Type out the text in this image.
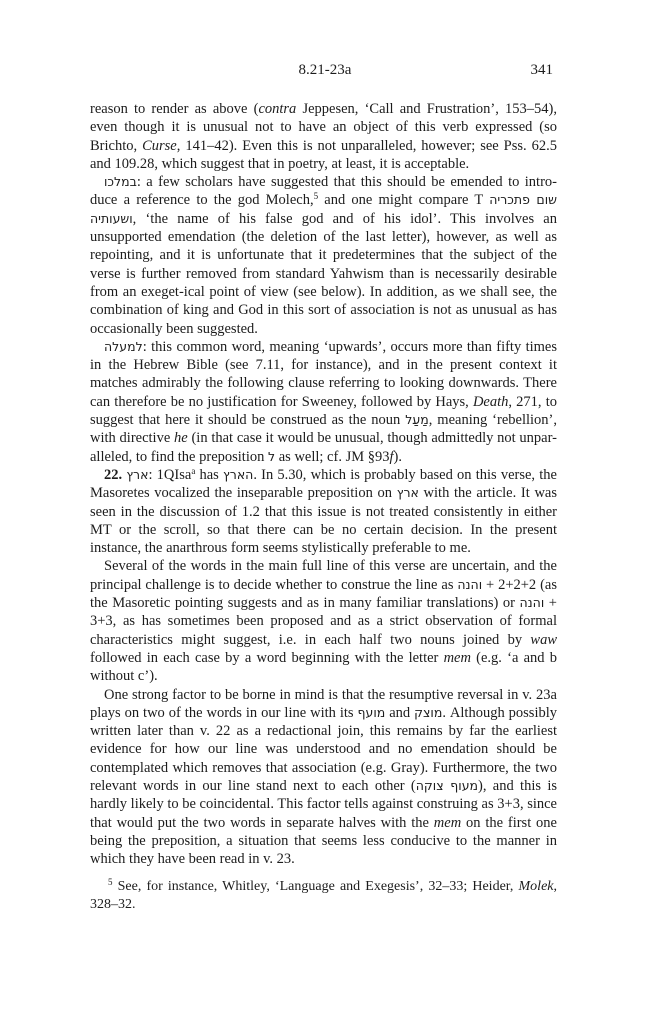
8.21-23a	341

reason to render as above (contra Jeppesen, ‘Call and Frustration’, 153–54), even though it is unusual not to have an object of this verb expressed (so Brichto, Curse, 141–42). Even this is not unparalleled, however; see Pss. 62.5 and 109.28, which suggest that in poetry, at least, it is acceptable.

במלכו: a few scholars have suggested that this should be emended to intro-duce a reference to the god Molech,$^5$ and one might compare T שום פתכריה ושעותיה, ‘the name of his false god and of his idol’. This involves an unsupported emendation (the deletion of the last letter), however, as well as repointing, and it is unfortunate that it predetermines that the subject of the verse is further removed from standard Yahwism than is necessarily desirable from an exeget-ical point of view (see below). In addition, as we shall see, the combination of king and God in this sort of association is not as unusual as has occasionally been suggested.

למעלה: this common word, meaning ‘upwards’, occurs more than fifty times in the Hebrew Bible (see 7.11, for instance), and in the present context it matches admirably the following clause referring to looking downwards. There can therefore be no justification for Sweeney, followed by Hays, Death, 271, to suggest that here it should be construed as the noun מַעַל, meaning ‘rebellion’, with directive he (in that case it would be unusual, though admittedly not unpar-alleled, to find the preposition ל as well; cf. JM §93f).

22. ארץ: 1QIsa$^a$ has הארץ. In 5.30, which is probably based on this verse, the Masoretes vocalized the inseparable preposition on ארץ with the article. It was seen in the discussion of 1.2 that this issue is not treated consistently in either MT or the scroll, so that there can be no certain decision. In the present instance, the anarthrous form seems stylistically preferable to me.

Several of the words in the main full line of this verse are uncertain, and the principal challenge is to decide whether to construe the line as והנה + 2+2+2 (as the Masoretic pointing suggests and as in many familiar translations) or והנה + 3+3, as has sometimes been proposed and as a strict observation of formal characteristics might suggest, i.e. in each half two nouns joined by waw followed in each case by a word beginning with the letter mem (e.g. ‘a and b without c’).

One strong factor to be borne in mind is that the resumptive reversal in v. 23a plays on two of the words in our line with its מועף and מוצק. Although possibly written later than v. 22 as a redactional join, this remains by far the earliest evidence for how our line was understood and no emendation should be contemplated which removes that association (e.g. Gray). Furthermore, the two relevant words in our line stand next to each other (מעוף צוקה), and this is hardly likely to be coincidental. This factor tells against construing as 3+3, since that would put the two words in separate halves with the mem on the first one being the preposition, a situation that seems less conducive to the manner in which they have been read in v. 23.

$^5$ See, for instance, Whitley, ‘Language and Exegesis’, 32–33; Heider, Molek, 328–32.
